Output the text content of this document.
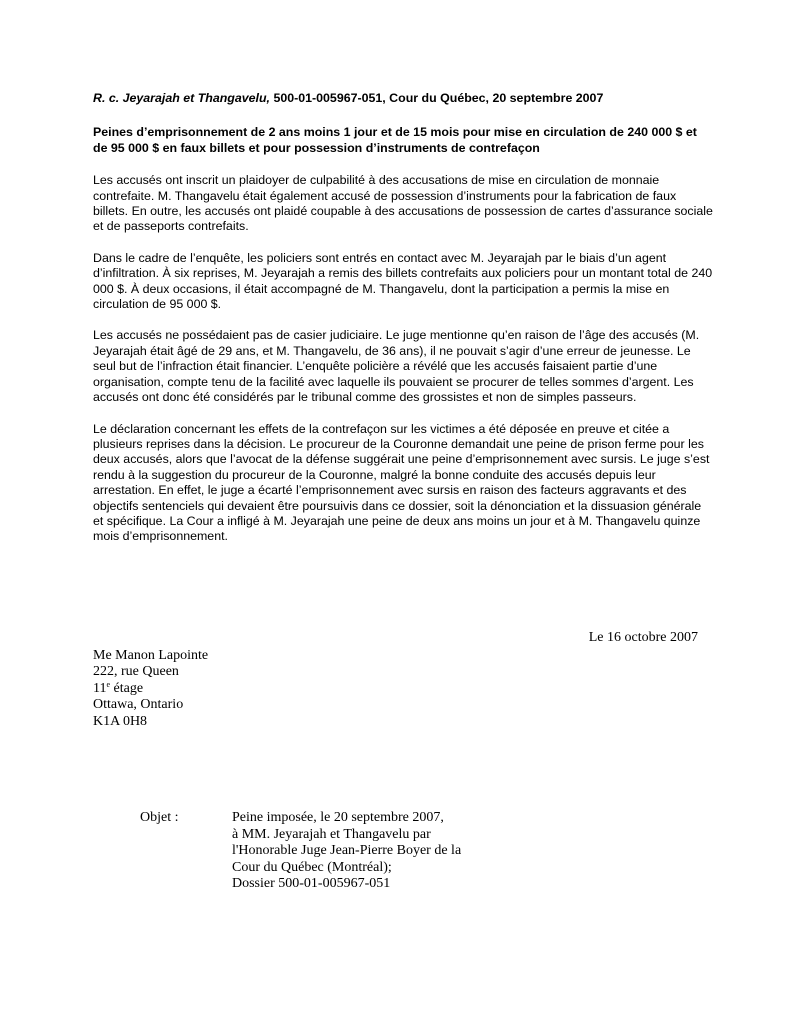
R. c. Jeyarajah et Thangavelu, 500-01-005967-051, Cour du Québec, 20 septembre 2007

Peines d’emprisonnement de 2 ans moins 1 jour et de 15 mois pour mise en circulation de 240 000 $ et de 95 000 $ en faux billets et pour possession d’instruments de contrefaçon

Les accusés ont inscrit un plaidoyer de culpabilité à des accusations de mise en circulation de monnaie contrefaite. M. Thangavelu était également accusé de possession d’instruments pour la fabrication de faux billets. En outre, les accusés ont plaidé coupable à des accusations de possession de cartes d’assurance sociale et de passeports contrefaits.

Dans le cadre de l’enquête, les policiers sont entrés en contact avec M. Jeyarajah par le biais d’un agent d’infiltration. À six reprises, M. Jeyarajah a remis des billets contrefaits aux policiers pour un montant total de 240 000 $. À deux occasions, il était accompagné de M. Thangavelu, dont la participation a permis la mise en circulation de 95 000 $.

Les accusés ne possédaient pas de casier judiciaire. Le juge mentionne qu’en raison de l’âge des accusés (M. Jeyarajah était âgé de 29 ans, et M. Thangavelu, de 36 ans), il ne pouvait s’agir d’une erreur de jeunesse. Le seul but de l’infraction était financier. L’enquête policière a révélé que les accusés faisaient partie d’une organisation, compte tenu de la facilité avec laquelle ils pouvaient se procurer de telles sommes d’argent. Les accusés ont donc été considérés par le tribunal comme des grossistes et non de simples passeurs.

Le déclaration concernant les effets de la contrefaçon sur les victimes a été déposée en preuve et citée a plusieurs reprises dans la décision. Le procureur de la Couronne demandait une peine de prison ferme pour les deux accusés, alors que l’avocat de la défense suggérait une peine d’emprisonnement avec sursis. Le juge s’est rendu à la suggestion du procureur de la Couronne, malgré la bonne conduite des accusés depuis leur arrestation. En effet, le juge a écarté l’emprisonnement avec sursis en raison des facteurs aggravants et des objectifs sentenciels qui devaient être poursuivis dans ce dossier, soit la dénonciation et la dissuasion générale et spécifique. La Cour a infligé à M. Jeyarajah une peine de deux ans moins un jour et à M. Thangavelu quinze mois d’emprisonnement.

Le 16 octobre 2007
Me Manon Lapointe
222, rue Queen
11e étage
Ottawa, Ontario
K1A 0H8
Objet :	Peine imposée, le 20 septembre 2007,
à MM. Jeyarajah et Thangavelu par
l'Honorable Juge Jean-Pierre Boyer de la
Cour du Québec (Montréal);
Dossier 500-01-005967-051
